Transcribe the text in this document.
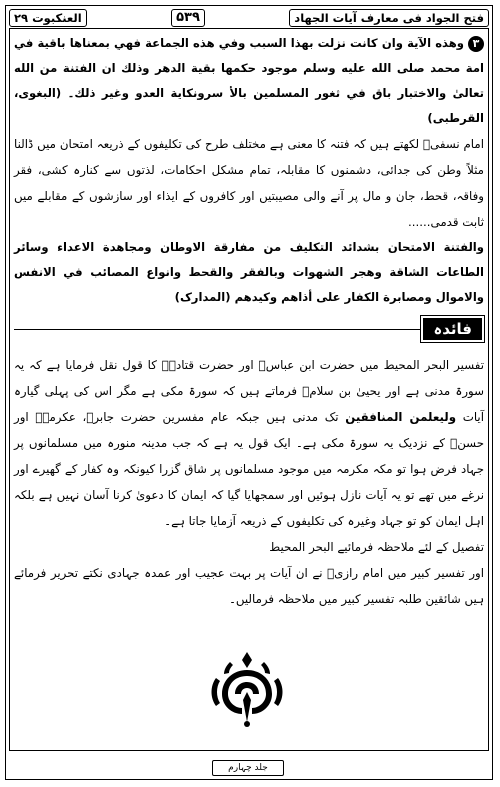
فتح الجواد فی معارف آیات الجهاد
۵۳۹
العنکبوت ۲۹

۳وهذه الآية وان كانت نزلت بهذا السبب وفي هذه الجماعة فهي بمعناها باقية في امة محمد صلى الله عليه وسلم موجود حكمها بقية الدهر وذلك ان الفتنة من الله تعالىٰ والاختبار باق في ثغور المسلمين بالأ سرونكاية العدو وغير ذلك۔ (البغوی، القرطبی)

امام نسفیؒ لکھتے ہیں کہ فتنہ کا معنی ہے مختلف طرح کی تکلیفوں کے ذریعہ امتحان میں ڈالنا مثلاً وطن کی جدائی، دشمنوں کا مقابلہ، تمام مشکل احکامات، لذتوں سے کنارہ کشی، فقر وفاقہ، قحط، جان و مال پر آنے والی مصیبتیں اور کافروں کے ایذاء اور سازشوں کے مقابلے میں ثابت قدمی......

والفتنة الامتحان بشدائد التكليف من مفارقة الاوطان ومجاهدة الاعداء وسائر الطاعات الشاقة وهجر الشهوات وبالفقر والقحط وانواع المصائب في الانفس والاموال ومصابرة الكفار على أذاهم وكيدهم (المدارک)

فائدہ

تفسیر البحر المحیط میں حضرت ابن عباسؓ اور حضرت قتادہؒ کا قول نقل فرمایا ہے کہ یہ سورۃ مدنی ہے اور یحییٰ بن سلامؒ فرماتے ہیں کہ سورۃ مکی ہے مگر اس کی پہلی گیارہ آیات وليعلمن المنافقين تک مدنی ہیں جبکہ عام مفسرین حضرت جابرؓ، عکرمہؒ اور حسنؒ کے نزدیک یہ سورۃ مکی ہے۔ ایک قول یہ ہے کہ جب مدینہ منورہ میں مسلمانوں پر جہاد فرض ہوا تو مکہ مکرمہ میں موجود مسلمانوں پر شاق گزرا کیونکہ وہ کفار کے گھیرے اور نرغے میں تھے تو یہ آیات نازل ہوئیں اور سمجھایا گیا کہ ایمان کا دعویٰ کرنا آسان نہیں ہے بلکہ اہل ایمان کو تو جہاد وغیرہ کی تکلیفوں کے ذریعہ آزمایا جاتا ہے۔

تفصیل کے لئے ملاحظہ فرمائیے البحر المحیط

اور تفسیر کبیر میں امام رازیؒ نے ان آیات پر بہت عجیب اور عمدہ جہادی نکتے تحریر فرمائے ہیں شائقین طلبہ تفسیر کبیر میں ملاحظہ فرمالیں۔

جلد چہارم
